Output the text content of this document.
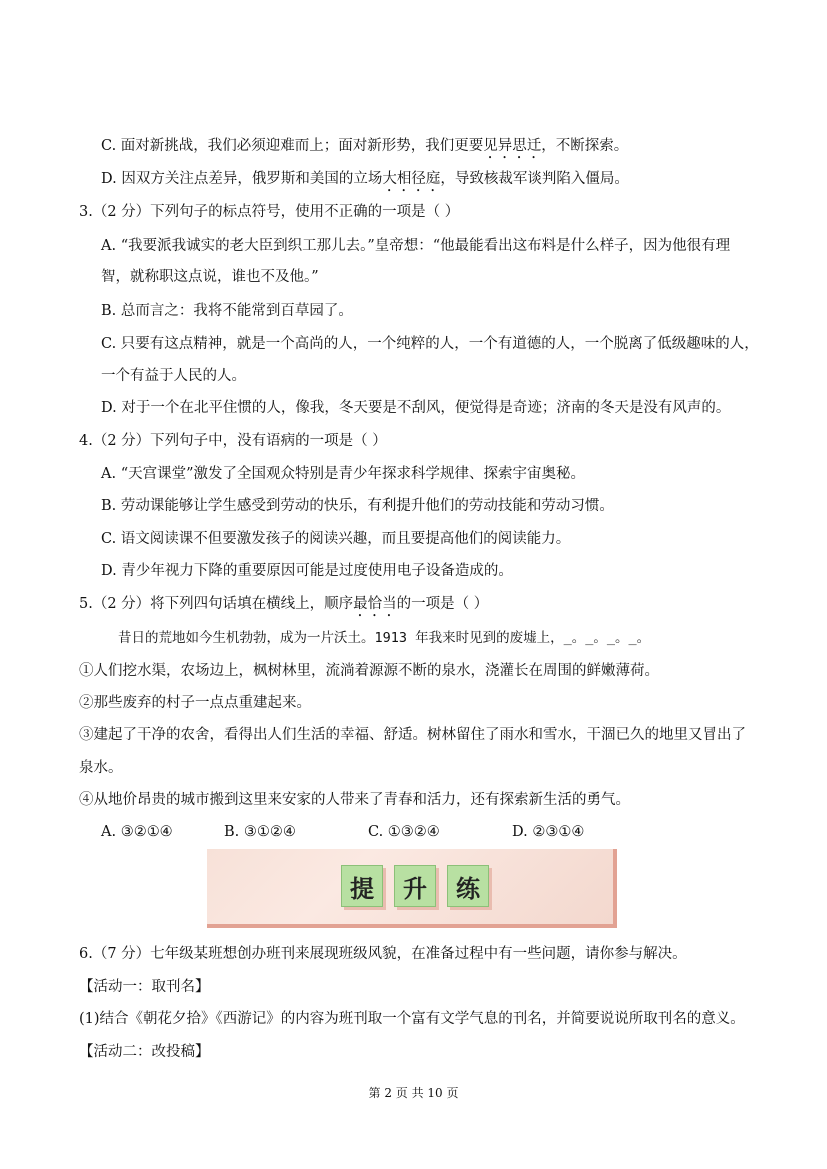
C. 面对新挑战，我们必须迎难而上；面对新形势，我们更要见异思迁，不断探索。
D. 因双方关注点差异，俄罗斯和美国的立场大相径庭，导致核裁军谈判陷入僵局。
3.（2 分）下列句子的标点符号，使用不正确的一项是（ ）
A. “我要派我诚实的老大臣到织工那儿去。”皇帝想：“他最能看出这布料是什么样子，因为他很有理
智，就称职这点说，谁也不及他。”
B. 总而言之：我将不能常到百草园了。
C. 只要有这点精神，就是一个高尚的人，一个纯粹的人，一个有道德的人，一个脱离了低级趣味的人，
一个有益于人民的人。
D. 对于一个在北平住惯的人，像我，冬天要是不刮风，便觉得是奇迹；济南的冬天是没有风声的。
4.（2 分）下列句子中，没有语病的一项是（ ）
A. “天宫课堂”激发了全国观众特别是青少年探求科学规律、探索宇宙奥秘。
B. 劳动课能够让学生感受到劳动的快乐，有利提升他们的劳动技能和劳动习惯。
C. 语文阅读课不但要激发孩子的阅读兴趣，而且要提高他们的阅读能力。
D. 青少年视力下降的重要原因可能是过度使用电子设备造成的。
5.（2 分）将下列四句话填在横线上，顺序最恰当的一项是（ ）
昔日的荒地如今生机勃勃，成为一片沃土。1913 年我来时见到的废墟上，_。_。_。_。
①人们挖水渠，农场边上，枫树林里，流淌着源源不断的泉水，浇灌长在周围的鲜嫩薄荷。
②那些废弃的村子一点点重建起来。
③建起了干净的农舍，看得出人们生活的幸福、舒适。树林留住了雨水和雪水，干涸已久的地里又冒出了
泉水。
④从地价昂贵的城市搬到这里来安家的人带来了青春和活力，还有探索新生活的勇气。
A. ③②①④	B. ③①②④	C. ①③②④	D. ②③①④
提	升	练
6.（7 分）七年级某班想创办班刊来展现班级风貌，在准备过程中有一些问题，请你参与解决。
【活动一：取刊名】
(1)结合《朝花夕拾》《西游记》的内容为班刊取一个富有文学气息的刊名，并简要说说所取刊名的意义。
【活动二：改投稿】
第 2 页 共 10 页
